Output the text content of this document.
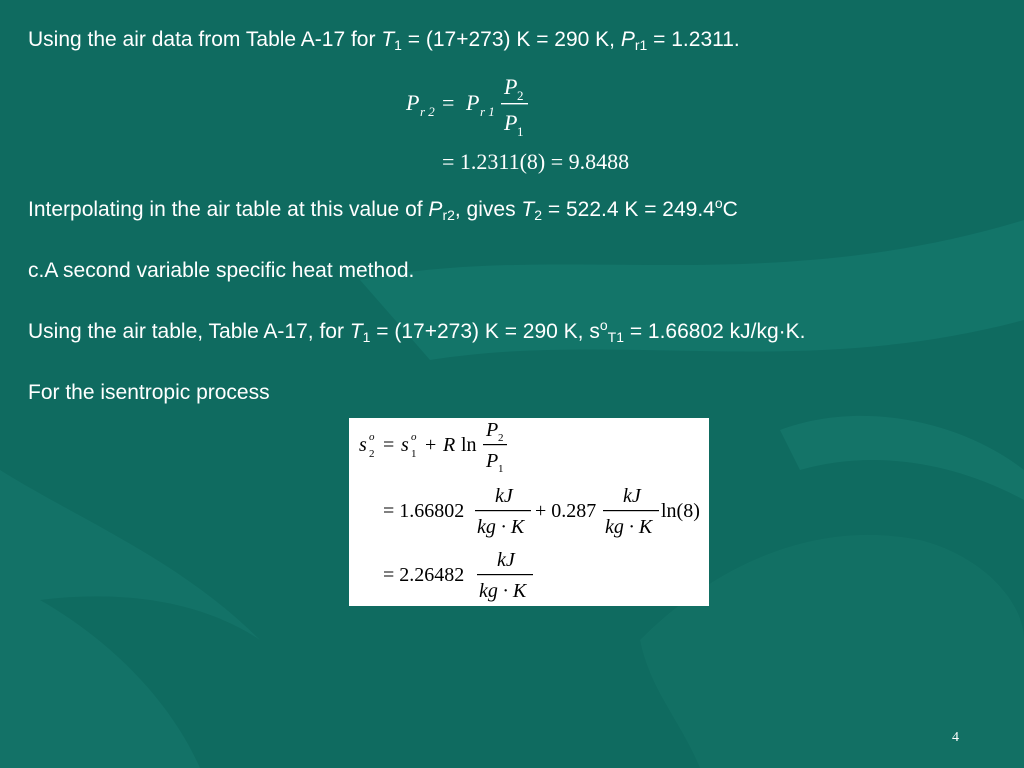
Using the air data from Table A-17 for $T_1 = (17+273) K = 290$ K, $P_{r1} = 1.2311$.
P r 2 = P r 1
P 2
P 1
= 1.2311(8) = 9.8488
Interpolating in the air table at this value of $P_{r2}$, gives $T_2 = 522.4$ $K = 249.4^oC$
c.A second variable specific heat method.
Using the air table, Table A-17, for $T_1 = (17+273) K = 290$ K, $s^o_{T1} = 1.66802$ kJ/kg·K.
For the isentropic process
s o
2 = s o
1 + R ln
P 2
P 1
= 1.66802
kJ
kg · K
+ 0.287
kJ
kg · K
ln(8)
= 2.26482
kJ
kg · K
4
